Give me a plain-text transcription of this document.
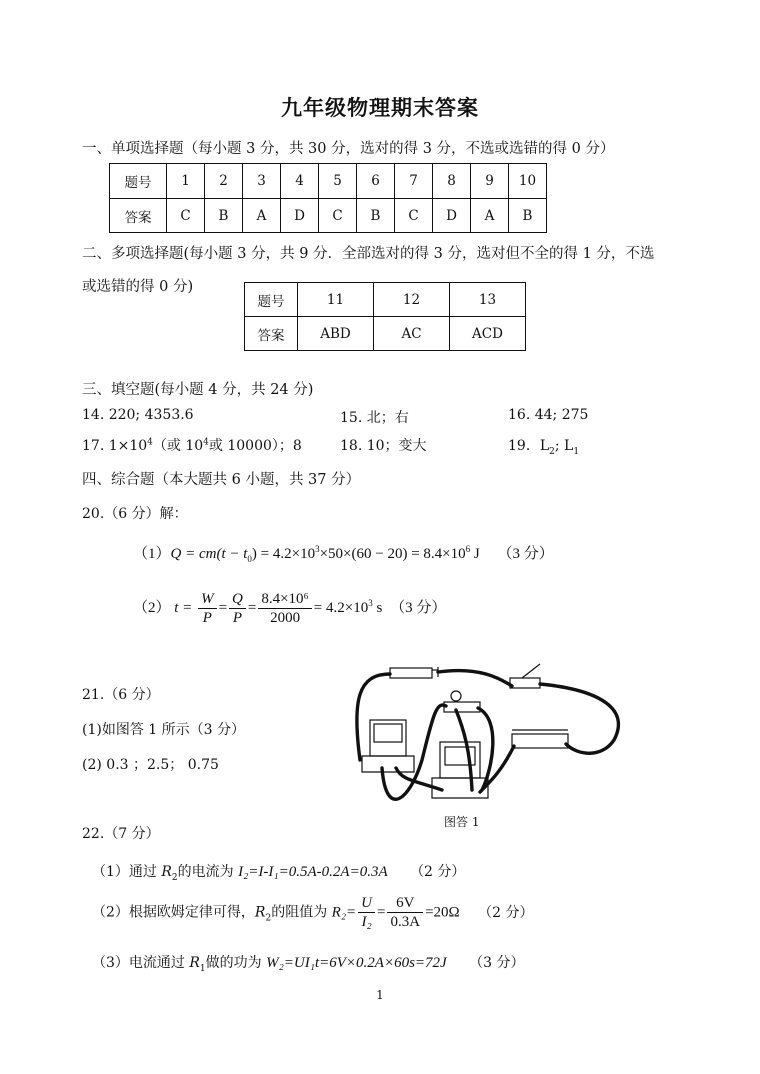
九年级物理期末答案
一、单项选择题（每小题 3 分，共 30 分，选对的得 3 分，不选或选错的得 0 分）
题号	1	2	3	4	5	6	7	8	9	10
答案	C	B	A	D	C	B	C	D	A	B
二、多项选择题(每小题 3 分，共 9 分．全部选对的得 3 分，选对但不全的得 1 分，不选
或选错的得 0 分)
题号	11	12	13
答案	ABD	AC	ACD
三、填空题(每小题 4 分，共 24 分)
14. 220; 4353.6	15. 北；右	16. 44; 275
17. $1\times 10^4$（或 $10^4$或 10000）；8	18. 10；变大	19．$L_2$; $L_1$
四、综合题（本大题共 6 小题，共 37 分）
20.（6 分）解：
$(1)Q = cm(t - t_0) = 4.2\times 10^3\times 50\times(60 - 20) = 8.4\times 10^6$ J （3 分）
（2） $t = \frac{W}{P} = \frac{Q}{P} = \frac{\text{8.4×10⁶}}{2000} = 4.2\times 10^3$ s （3 分）
21.（6 分）
(1)如图答 1 所示（3 分）
(2) 0.3 ；2.5； 0.75
图答 1
22.（7 分）
（1）通过 $R_2$的电流为 I₂=I-I₁=0.5A-0.2A=0.3A （2 分）
（2）根据欧姆定律可得，$R_2$的阻值为 $R_2= \frac{U}{\text{I₂}} = \frac{6V}{0.3A} =20\Omega$ （2 分）
（3）电流通过 $R_1$做的功为 W₂=UI₁t=6V×0.2A×60s=72J （3 分）
1
